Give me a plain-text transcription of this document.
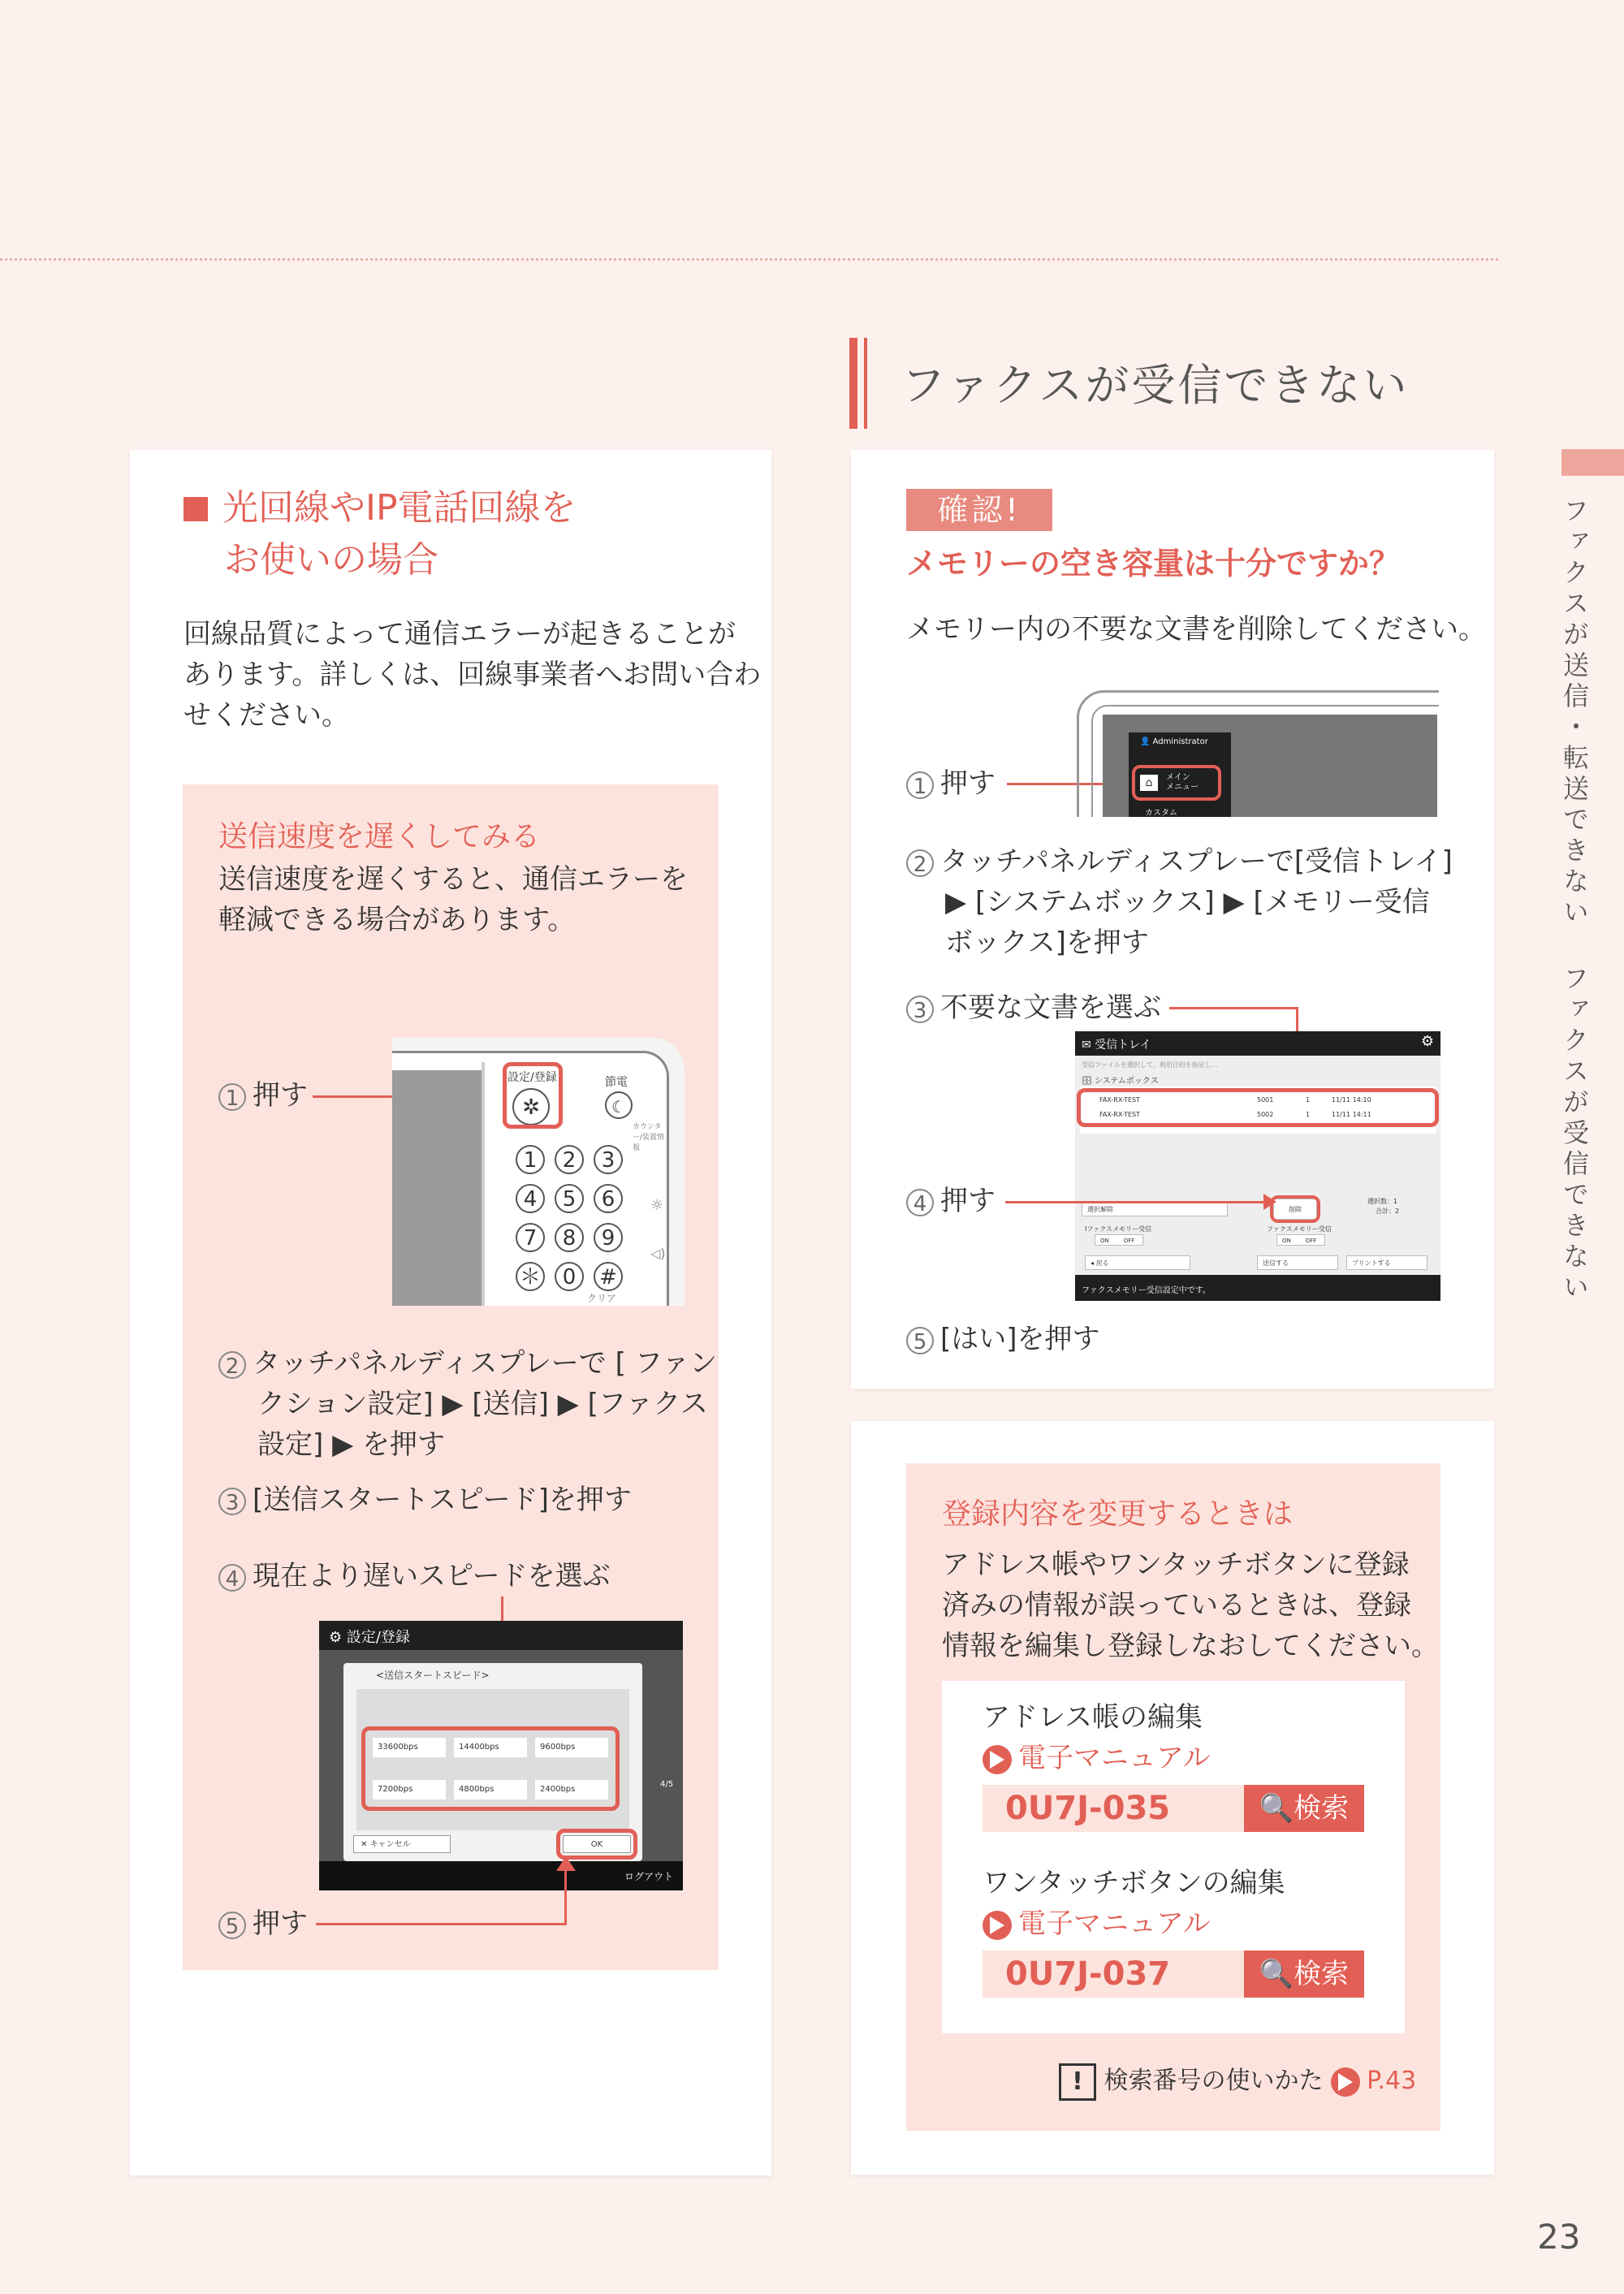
ファクスが受信できない
ファクスが送信・転送できないファクスが受信できない
光回線やIP電話回線を
お使いの場合
回線品質によって通信エラーが起きることが
あります。詳しくは、回線事業者へお問い合わ
せください。
送信速度を遅くしてみる
送信速度を遅くすると、通信エラーを
軽減できる場合があります。
1 押す
設定/登録
✲
節電
☾
カウンター/装置情報
1	2	3
4	5	6
7	8	9
＊	0	#
クリア
☼
◁)
2 タッチパネルディスプレーで [ ファン
クション設定] ▶ [送信] ▶ [ファクス
設定] ▶ を押す
3 [送信スタートスピード]を押す
4 現在より遅いスピードを選ぶ
⚙ 設定/登録
ログアウト
4/5
<送信スタートスピード>
33600bps	14400bps	9600bps
7200bps	4800bps	2400bps
✕ キャンセル	OK
5 押す
確認!
メモリーの空き容量は十分ですか？
メモリー内の不要な文書を削除してください。
1 押す
👤 Administrator
メイン
メニュー
⌂
カスタム
2 タッチパネルディスプレーで[受信トレイ]
▶ [システムボックス] ▶ [メモリー受信
ボックス]を押す
3 不要な文書を選ぶ
✉ 受信トレイ	⚙
受信ファイルを選択して、利用目的を指定し…
🗄 システムボックス
FAX-RX-TEST	5001	1	11/11 14:10
FAX-RX-TEST	5002	1	11/11 14:11
選択解除	削除
選択数：1
合計：2
Iファクスメモリー受信
ON	OFF
ファクスメモリー受信
ON	OFF
◂ 戻る	送信する	プリントする
ファクスメモリー受信設定中です。
4 押す
5 [はい]を押す
登録内容を変更するときは
アドレス帳やワンタッチボタンに登録
済みの情報が誤っているときは、登録
情報を編集し登録しなおしてください。
アドレス帳の編集
電子マニュアル
0U7J-035	🔍検索
ワンタッチボタンの編集
電子マニュアル
0U7J-037	🔍検索
! 検索番号の使いかた P.43
23
